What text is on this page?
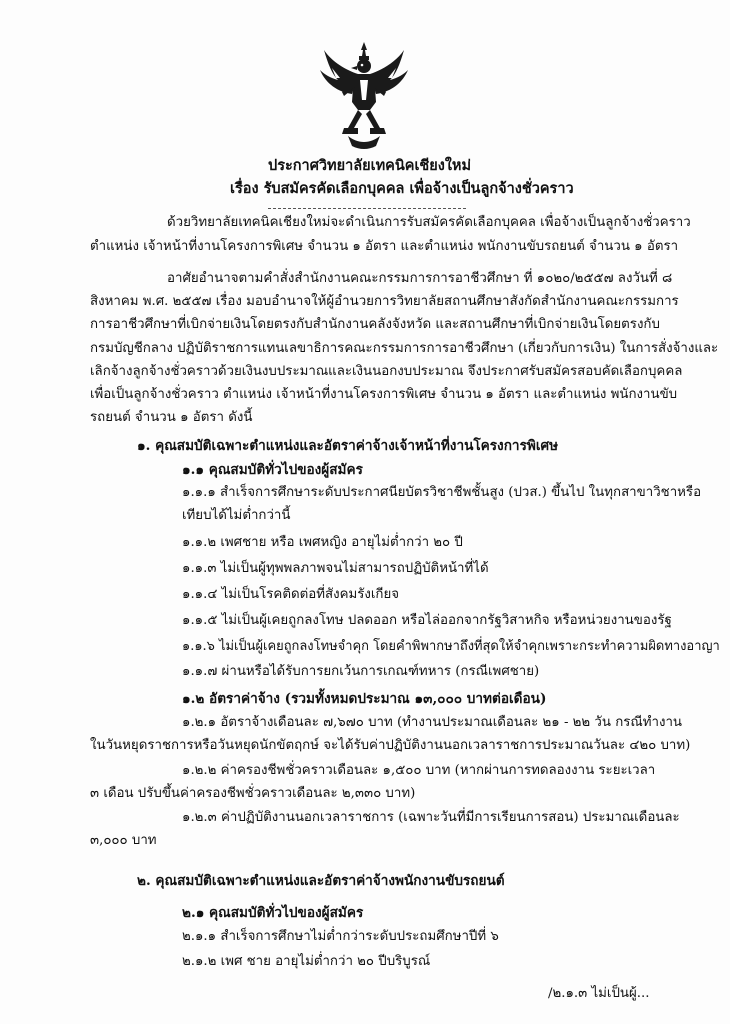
ประกาศวิทยาลัยเทคนิคเชียงใหม่
เรื่อง รับสมัครคัดเลือกบุคคล เพื่อจ้างเป็นลูกจ้างชั่วคราว
ด้วยวิทยาลัยเทคนิคเชียงใหม่จะดำเนินการรับสมัครคัดเลือกบุคคล เพื่อจ้างเป็นลูกจ้างชั่วคราว
ตำแหน่ง เจ้าหน้าที่งานโครงการพิเศษ จำนวน ๑ อัตรา และตำแหน่ง พนักงานขับรถยนต์ จำนวน ๑ อัตรา
อาศัยอำนาจตามคำสั่งสำนักงานคณะกรรมการการอาชีวศึกษา ที่ ๑๐๒๐/๒๕๕๗ ลงวันที่ ๘
สิงหาคม พ.ศ. ๒๕๕๗ เรื่อง มอบอำนาจให้ผู้อำนวยการวิทยาลัยสถานศึกษาสังกัดสำนักงานคณะกรรมการ
การอาชีวศึกษาที่เบิกจ่ายเงินโดยตรงกับสำนักงานคลังจังหวัด และสถานศึกษาที่เบิกจ่ายเงินโดยตรงกับ
กรมบัญชีกลาง ปฏิบัติราชการแทนเลขาธิการคณะกรรมการการอาชีวศึกษา (เกี่ยวกับการเงิน) ในการสั่งจ้างและ
เลิกจ้างลูกจ้างชั่วคราวด้วยเงินงบประมาณและเงินนอกงบประมาณ จึงประกาศรับสมัครสอบคัดเลือกบุคคล
เพื่อเป็นลูกจ้างชั่วคราว ตำแหน่ง เจ้าหน้าที่งานโครงการพิเศษ จำนวน ๑ อัตรา และตำแหน่ง พนักงานขับ
รถยนต์ จำนวน ๑ อัตรา ดังนี้
๑. คุณสมบัติเฉพาะตำแหน่งและอัตราค่าจ้างเจ้าหน้าที่งานโครงการพิเศษ
๑.๑ คุณสมบัติทั่วไปของผู้สมัคร
๑.๑.๑ สำเร็จการศึกษาระดับประกาศนียบัตรวิชาชีพชั้นสูง (ปวส.) ขึ้นไป ในทุกสาขาวิชาหรือ
เทียบได้ไม่ต่ำกว่านี้
๑.๑.๒ เพศชาย หรือ เพศหญิง อายุไม่ต่ำกว่า ๒๐ ปี
๑.๑.๓ ไม่เป็นผู้ทุพพลภาพจนไม่สามารถปฏิบัติหน้าที่ได้
๑.๑.๔ ไม่เป็นโรคติดต่อที่สังคมรังเกียจ
๑.๑.๕ ไม่เป็นผู้เคยถูกลงโทษ ปลดออก หรือไล่ออกจากรัฐวิสาหกิจ หรือหน่วยงานของรัฐ
๑.๑.๖ ไม่เป็นผู้เคยถูกลงโทษจำคุก โดยคำพิพากษาถึงที่สุดให้จำคุกเพราะกระทำความผิดทางอาญา
๑.๑.๗ ผ่านหรือได้รับการยกเว้นการเกณฑ์ทหาร (กรณีเพศชาย)
๑.๒ อัตราค่าจ้าง (รวมทั้งหมดประมาณ ๑๓,๐๐๐ บาทต่อเดือน)
๑.๒.๑ อัตราจ้างเดือนละ ๗,๖๗๐ บาท (ทำงานประมาณเดือนละ ๒๑ - ๒๒ วัน กรณีทำงาน
ในวันหยุดราชการหรือวันหยุดนักขัตฤกษ์ จะได้รับค่าปฏิบัติงานนอกเวลาราชการประมาณวันละ ๔๒๐ บาท)
๑.๒.๒ ค่าครองชีพชั่วคราวเดือนละ ๑,๕๐๐ บาท (หากผ่านการทดลองงาน ระยะเวลา
๓ เดือน ปรับขึ้นค่าครองชีพชั่วคราวเดือนละ ๒,๓๓๐ บาท)
๑.๒.๓ ค่าปฏิบัติงานนอกเวลาราชการ (เฉพาะวันที่มีการเรียนการสอน) ประมาณเดือนละ
๓,๐๐๐ บาท
๒. คุณสมบัติเฉพาะตำแหน่งและอัตราค่าจ้างพนักงานขับรถยนต์
๒.๑ คุณสมบัติทั่วไปของผู้สมัคร
๒.๑.๑ สำเร็จการศึกษาไม่ต่ำกว่าระดับประถมศึกษาปีที่ ๖
๒.๑.๒ เพศ ชาย อายุไม่ต่ำกว่า ๒๐ ปีบริบูรณ์
/๒.๑.๓ ไม่เป็นผู้...
